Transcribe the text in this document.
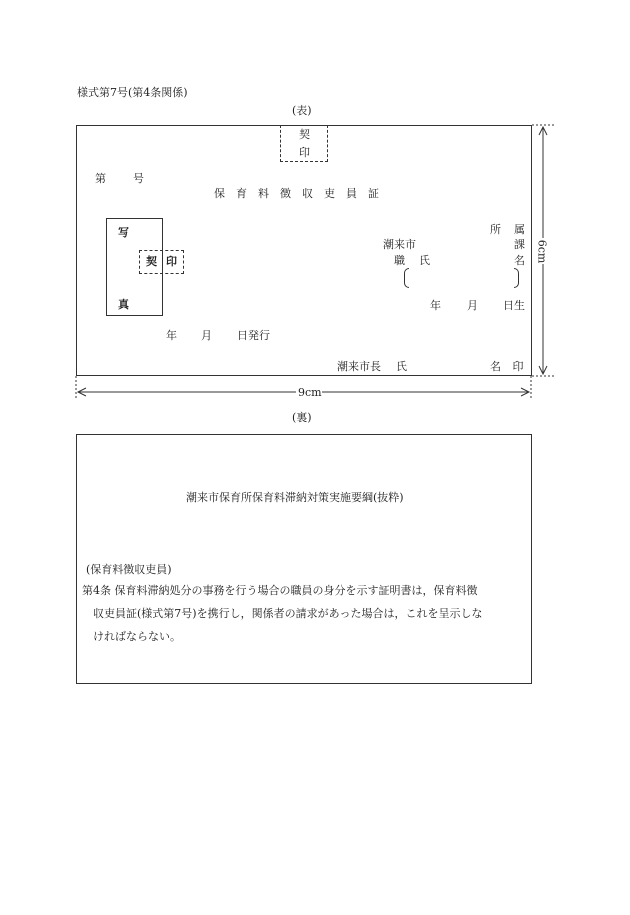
様式第7号(第4条関係)
(表)
契
印
第 号
保育料徴収吏員証
写
真
契 印
所 属
潮来市	課
職 氏	名
年 月 日生
年 月 日発行
潮来市長 氏	名 印
9cm
6cm
(裏)
潮来市保育所保育料滞納対策実施要綱(抜粋)
(保育料徴収吏員)
第4条 保育料滞納処分の事務を行う場合の職員の身分を示す証明書は，保育料徴
収吏員証(様式第7号)を携行し，関係者の請求があった場合は，これを呈示しな
ければならない。
